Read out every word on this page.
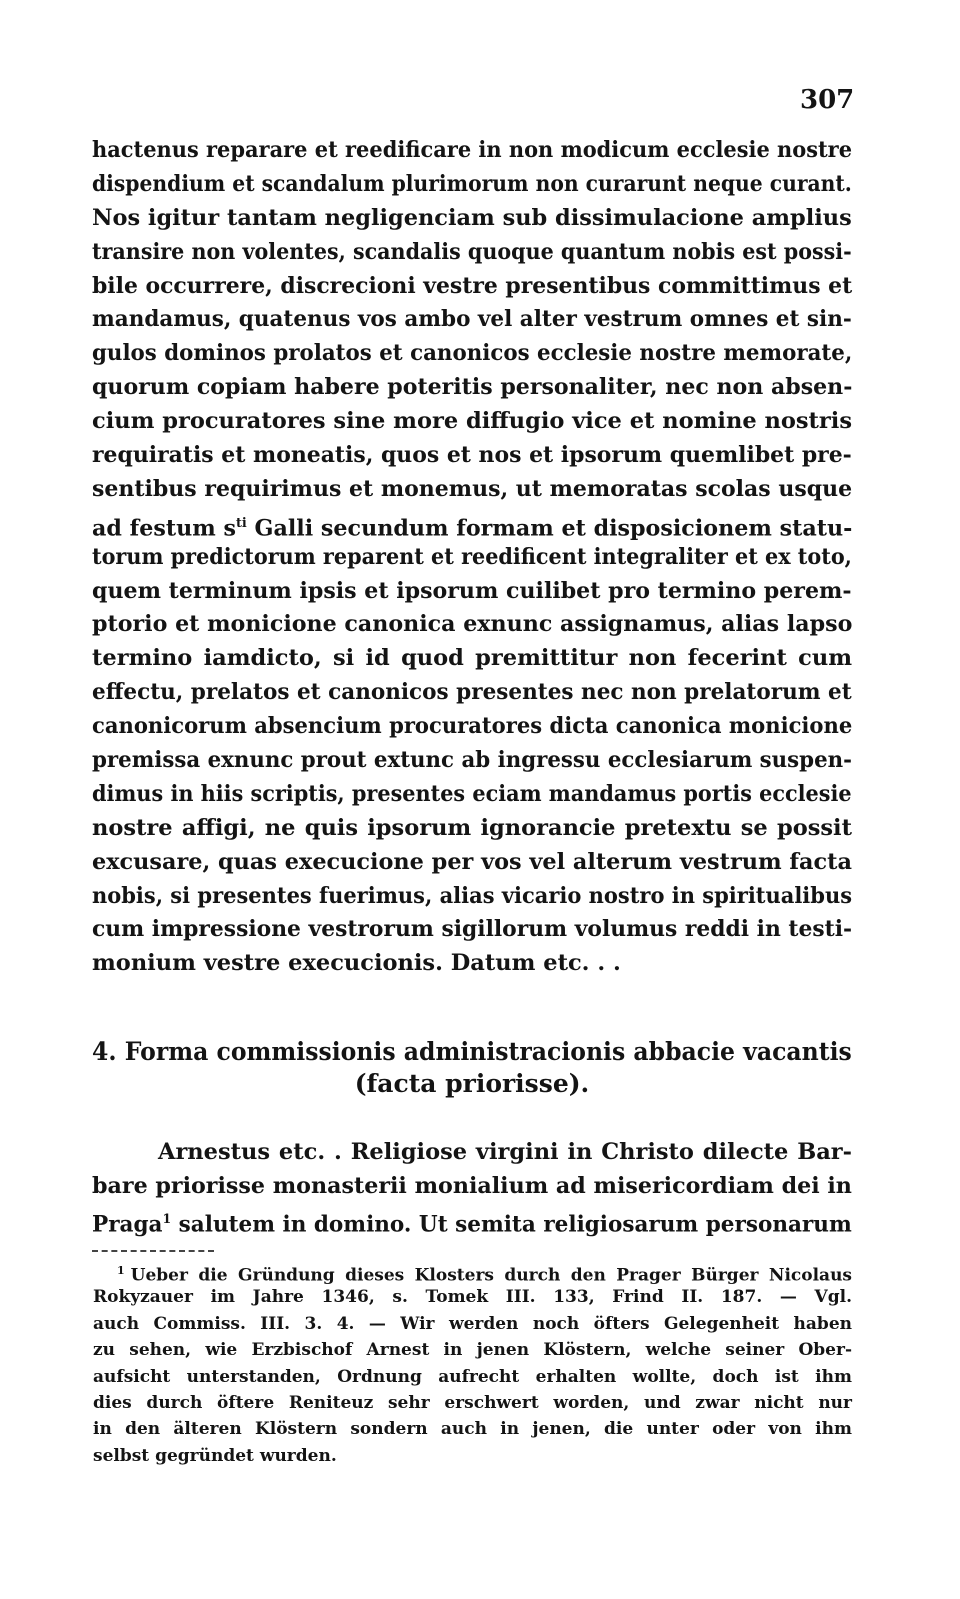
307
hactenus reparare et reedificare in non modicum ecclesie nostre
dispendium et scandalum plurimorum non curarunt neque curant.
Nos igitur tantam negligenciam sub dissimulacione amplius
transire non volentes, scandalis quoque quantum nobis est possi-
bile occurrere, discrecioni vestre presentibus committimus et
mandamus, quatenus vos ambo vel alter vestrum omnes et sin-
gulos dominos prolatos et canonicos ecclesie nostre memorate,
quorum copiam habere poteritis personaliter, nec non absen-
cium procuratores sine more diffugio vice et nomine nostris
requiratis et moneatis, quos et nos et ipsorum quemlibet pre-
sentibus requirimus et monemus, ut memoratas scolas usque
ad festum $s^{ti}$ Galli secundum formam et disposicionem statu-
torum predictorum reparent et reedificent integraliter et ex toto,
quem terminum ipsis et ipsorum cuilibet pro termino perem-
ptorio et monicione canonica exnunc assignamus, alias lapso
termino iamdicto, si id quod premittitur non fecerint cum
effectu, prelatos et canonicos presentes nec non prelatorum et
canonicorum absencium procuratores dicta canonica monicione
premissa exnunc prout extunc ab ingressu ecclesiarum suspen-
dimus in hiis scriptis, presentes eciam mandamus portis ecclesie
nostre affigi, ne quis ipsorum ignorancie pretextu se possit
excusare, quas execucione per vos vel alterum vestrum facta
nobis, si presentes fuerimus, alias vicario nostro in spiritualibus
cum impressione vestrorum sigillorum volumus reddi in testi-
monium vestre execucionis. Datum etc. . .
4. Forma commissionis administracionis abbacie vacantis
(facta priorisse).
Arnestus etc. . Religiose virgini in Christo dilecte Bar-
bare priorisse monasterii monialium ad misericordiam dei in
Praga$^1$ salutem in domino. Ut semita religiosarum personarum
$^1$ Ueber die Gründung dieses Klosters durch den Prager Bürger Nicolaus
Rokyzauer im Jahre 1346, s. Tomek III. 133, Frind II. 187. — Vgl.
auch Commiss. III. 3. 4. — Wir werden noch öfters Gelegenheit haben
zu sehen, wie Erzbischof Arnest in jenen Klöstern, welche seiner Ober-
aufsicht unterstanden, Ordnung aufrecht erhalten wollte, doch ist ihm
dies durch öftere Reniteuz sehr erschwert worden, und zwar nicht nur
in den älteren Klöstern sondern auch in jenen, die unter oder von ihm
selbst gegründet wurden.
